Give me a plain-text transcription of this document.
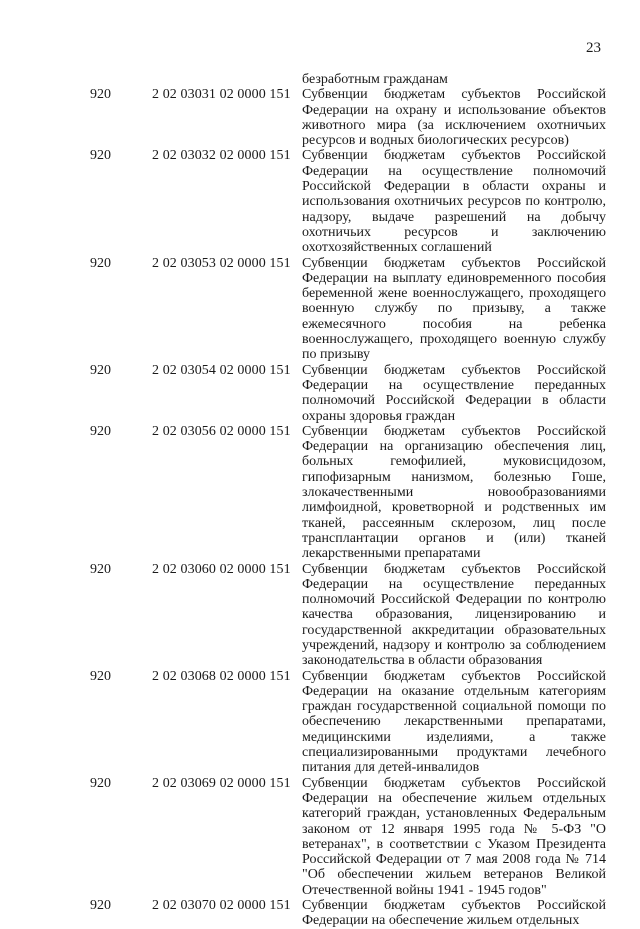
23
безработным гражданам
920	2 02 03031 02 0000 151 Субвенции бюджетам субъектов Российской Федерации на охрану и использование объектов животного мира (за исключением охотничьих ресурсов и водных биологических ресурсов)
920	2 02 03032 02 0000 151 Субвенции бюджетам субъектов Российской Федерации на осуществление полномочий Российской Федерации в области охраны и использования охотничьих ресурсов по контролю, надзору, выдаче разрешений на добычу охотничьих ресурсов и заключению охотхозяйственных соглашений
920	2 02 03053 02 0000 151 Субвенции бюджетам субъектов Российской Федерации на выплату единовременного пособия беременной жене военнослужащего, проходящего военную службу по призыву, а также ежемесячного пособия на ребенка военнослужащего, проходящего военную службу по призыву
920	2 02 03054 02 0000 151 Субвенции бюджетам субъектов Российской Федерации на осуществление переданных полномочий Российской Федерации в области охраны здоровья граждан
920	2 02 03056 02 0000 151 Субвенции бюджетам субъектов Российской Федерации на организацию обеспечения лиц, больных гемофилией, муковисцидозом, гипофизарным нанизмом, болезнью Гоше, злокачественными новообразованиями лимфоидной, кроветворной и родственных им тканей, рассеянным склерозом, лиц после трансплантации органов и (или) тканей лекарственными препаратами
920	2 02 03060 02 0000 151 Субвенции бюджетам субъектов Российской Федерации на осуществление переданных полномочий Российской Федерации по контролю качества образования, лицензированию и государственной аккредитации образовательных учреждений, надзору и контролю за соблюдением законодательства в области образования
920	2 02 03068 02 0000 151 Субвенции бюджетам субъектов Российской Федерации на оказание отдельным категориям граждан государственной социальной помощи по обеспечению лекарственными препаратами, медицинскими изделиями, а также специализированными продуктами лечебного питания для детей-инвалидов
920	2 02 03069 02 0000 151 Субвенции бюджетам субъектов Российской Федерации на обеспечение жильем отдельных категорий граждан, установленных Федеральным законом от 12 января 1995 года № 5-ФЗ "О ветеранах", в соответствии с Указом Президента Российской Федерации от 7 мая 2008 года № 714 "Об обеспечении жильем ветеранов Великой Отечественной войны 1941 - 1945 годов"
920	2 02 03070 02 0000 151 Субвенции бюджетам субъектов Российской Федерации на обеспечение жильем отдельных
